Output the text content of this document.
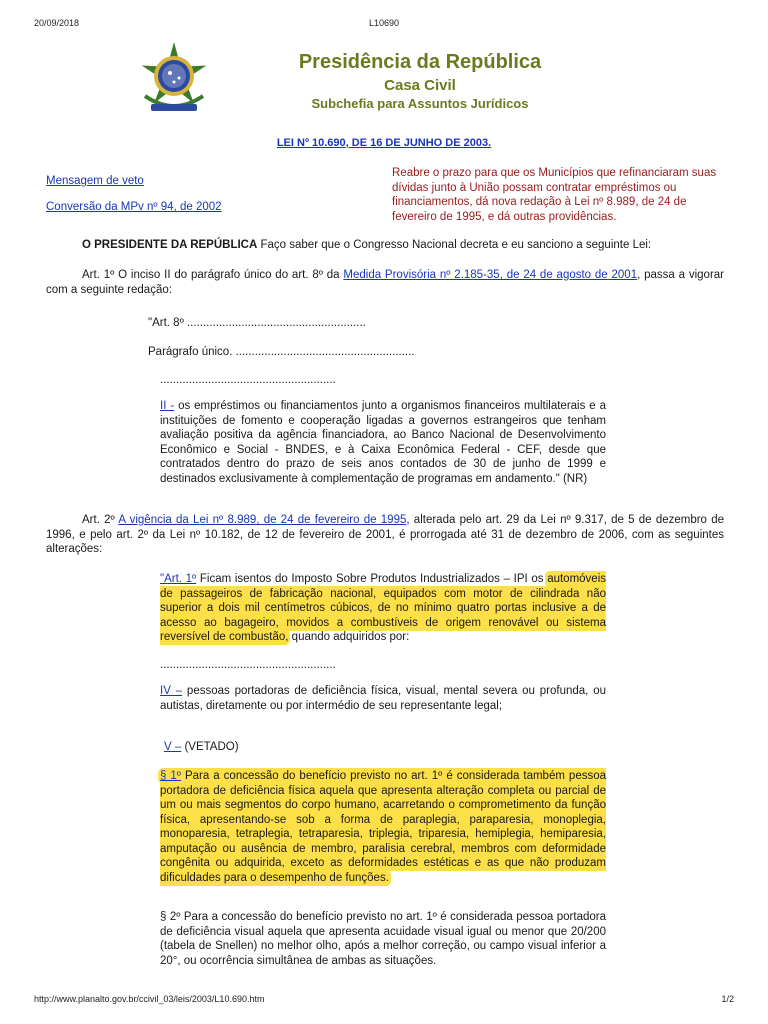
20/09/2018	L10690
Presidência da República
Casa Civil
Subchefia para Assuntos Jurídicos
LEI Nº 10.690, DE 16 DE JUNHO DE 2003.
Mensagem de veto
Conversão da MPv nº 94, de 2002
Reabre o prazo para que os Municípios que refinanciaram suas dívidas junto à União possam contratar empréstimos ou financiamentos, dá nova redação à Lei nº 8.989, de 24 de fevereiro de 1995, e dá outras providências.
O PRESIDENTE DA REPÚBLICA Faço saber que o Congresso Nacional decreta e eu sanciono a seguinte Lei:
Art. 1º O inciso II do parágrafo único do art. 8º da Medida Provisória nº 2.185-35, de 24 de agosto de 2001, passa a vigorar com a seguinte redação:
"Art. 8º ........................................................
Parágrafo único. ........................................................
.......................................................
II - os empréstimos ou financiamentos junto a organismos financeiros multilaterais e a instituições de fomento e cooperação ligadas a governos estrangeiros que tenham avaliação positiva da agência financiadora, ao Banco Nacional de Desenvolvimento Econômico e Social - BNDES, e à Caixa Econômica Federal - CEF, desde que contratados dentro do prazo de seis anos contados de 30 de junho de 1999 e destinados exclusivamente à complementação de programas em andamento." (NR)
Art. 2º A vigência da Lei nº 8.989, de 24 de fevereiro de 1995, alterada pelo art. 29 da Lei nº 9.317, de 5 de dezembro de 1996, e pelo art. 2º da Lei nº 10.182, de 12 de fevereiro de 2001, é prorrogada até 31 de dezembro de 2006, com as seguintes alterações:
"Art. 1º Ficam isentos do Imposto Sobre Produtos Industrializados – IPI os automóveis de passageiros de fabricação nacional, equipados com motor de cilindrada não superior a dois mil centímetros cúbicos, de no mínimo quatro portas inclusive a de acesso ao bagageiro, movidos a combustíveis de origem renovável ou sistema reversível de combustão, quando adquiridos por:
.......................................................
IV – pessoas portadoras de deficiência física, visual, mental severa ou profunda, ou autistas, diretamente ou por intermédio de seu representante legal;
V – (VETADO)
§ 1º Para a concessão do benefício previsto no art. 1º é considerada também pessoa portadora de deficiência física aquela que apresenta alteração completa ou parcial de um ou mais segmentos do corpo humano, acarretando o comprometimento da função física, apresentando-se sob a forma de paraplegia, paraparesia, monoplegia, monoparesia, tetraplegia, tetraparesia, triplegia, triparesia, hemiplegia, hemiparesia, amputação ou ausência de membro, paralisia cerebral, membros com deformidade congênita ou adquirida, exceto as deformidades estéticas e as que não produzam dificuldades para o desempenho de funções.
§ 2º Para a concessão do benefício previsto no art. 1º é considerada pessoa portadora de deficiência visual aquela que apresenta acuidade visual igual ou menor que 20/200 (tabela de Snellen) no melhor olho, após a melhor correção, ou campo visual inferior a 20°, ou ocorrência simultânea de ambas as situações.
http://www.planalto.gov.br/ccivil_03/leis/2003/L10.690.htm	1/2
